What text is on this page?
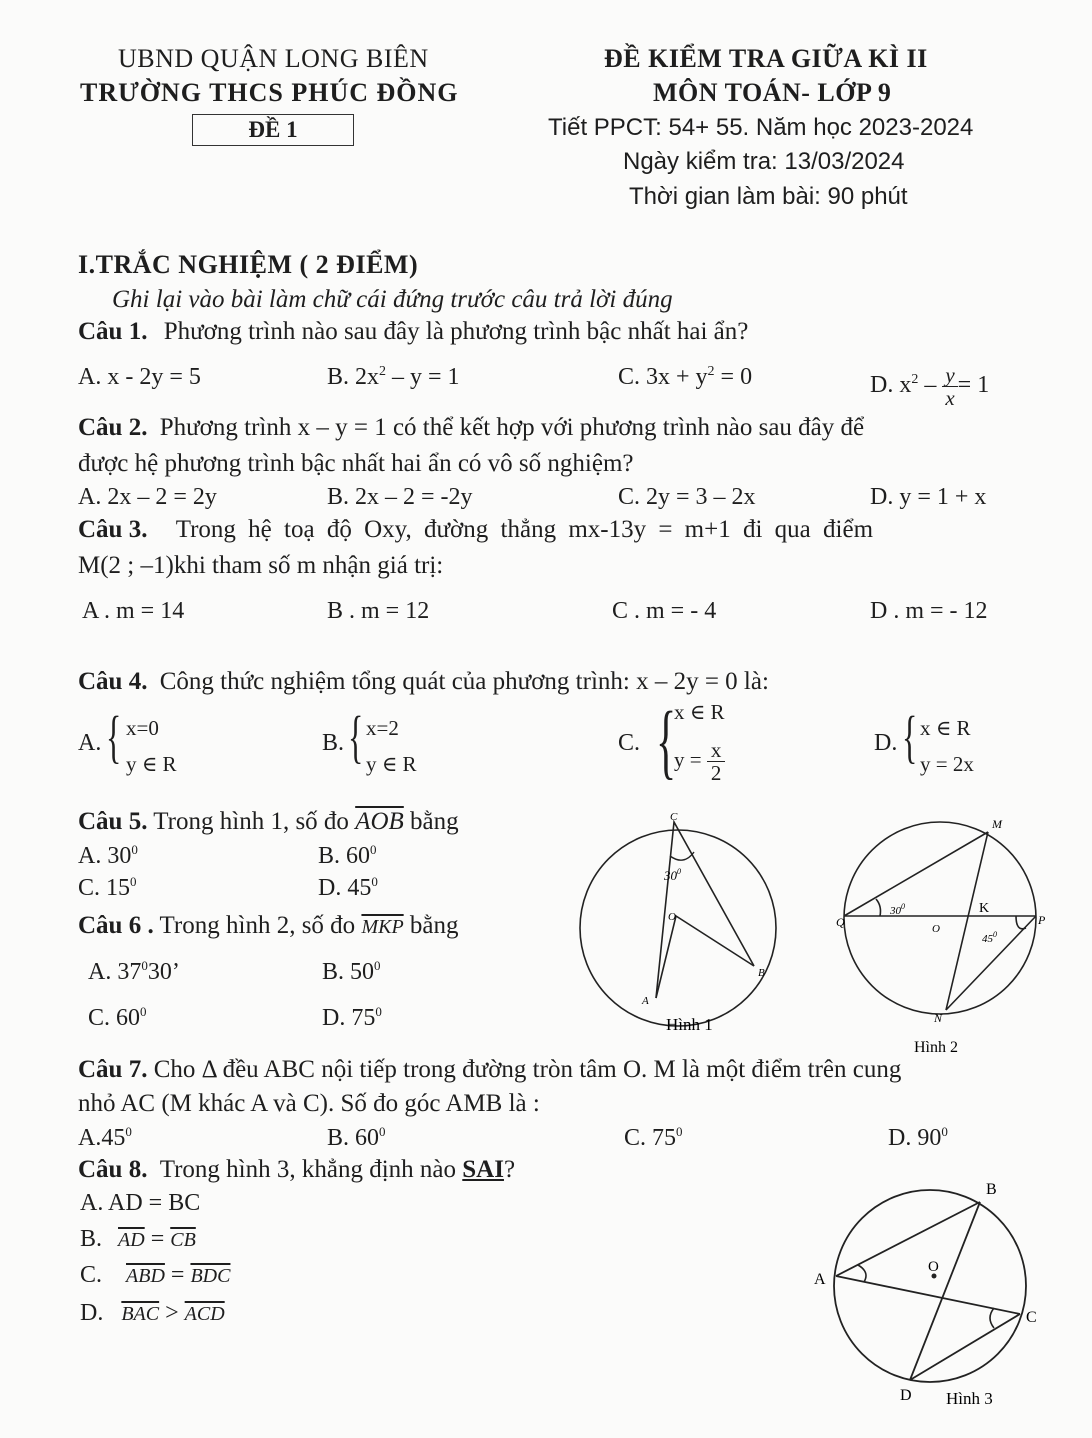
UBND QUẬN LONG BIÊN
TRƯỜNG THCS PHÚC ĐỒNG
ĐỀ 1
ĐỀ KIỂM TRA GIỮA KÌ II
MÔN TOÁN- LỚP 9
Tiết PPCT: 54+ 55. Năm học 2023-2024
Ngày kiểm tra: 13/03/2024
Thời gian làm bài: 90 phút
I.TRẮC NGHIỆM ( 2 ĐIỂM)
Ghi lại vào bài làm chữ cái đứng trước câu trả lời đúng
Câu 1. Phương trình nào sau đây là phương trình bậc nhất hai ẩn?
A. x - 2y = 5	B. $2x^2 - y = 1$	C. $3x + y^2 = 0$	D. $x^2 - \frac{y}{x} = 1$
Câu 2. Phương trình x – y = 1 có thể kết hợp với phương trình nào sau đây để
được hệ phương trình bậc nhất hai ẩn có vô số nghiệm?
A. 2x – 2 = 2y	B. 2x – 2 = -2y	C. 2y = 3 – 2x	D. y = 1 + x
Câu 3. Trong hệ toạ độ Oxy, đường thẳng mx-13y = m+1 đi qua điểm
M(2 ; –1)khi tham số m nhận giá trị:
A . m = 14	B . m = 12	C . m = - 4	D . m = - 12
Câu 4. Công thức nghiệm tổng quát của phương trình: x – 2y = 0 là:
A. { x=0
y ∈ R
B. { x=2
y ∈ R
C. {
x ∈ R
$y = \frac{x}{2}$	D. { x ∈ R
y = 2x
Câu 5. Trong hình 1, số đo $\overline{AOB}$ bằng
A. $30^0$	B. $60^0$
C. $15^0$	D. $45^0$
Câu 6 . Trong hình 2, số đo $\overline{MKP}$ bằng
A. $37^030$’	B. $50^0$
C. $60^0$	D. $75^0$
C
$30^0$
O
A
B
Hình 1
M
Q	O
K
P
N
$30^0$
$45^0$
Hình 2
Câu 7. Cho Δ đều ABC nội tiếp trong đường tròn tâm O. M là một điểm trên cung
nhỏ AC (M khác A và C). Số đo góc AMB là :
$A.45^0$	B. $60^0$	C. $75^0$	D. $90^0$
Câu 8. Trong hình 3, khẳng định nào SAI?
A. AD = BC
B. $\overline{AD} = \overline{CB}$
C. $\overline{ABD} = \overline{BDC}$
D. $\overline{BAC} > \overline{ACD}$
B
A
O
C
D Hình 3
